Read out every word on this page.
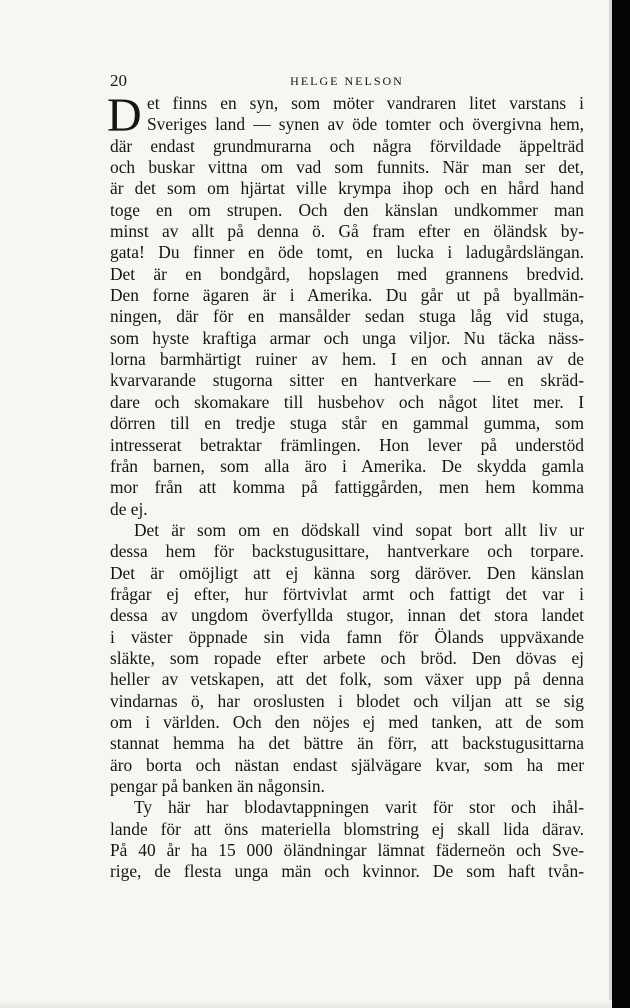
20	HELGE NELSON
D et finns en syn, som möter vandraren litet varstans i
Sveriges land — synen av öde tomter och övergivna hem,
där endast grundmurarna och några förvildade äppelträd
och buskar vittna om vad som funnits. När man ser det,
är det som om hjärtat ville krympa ihop och en hård hand
toge en om strupen. Och den känslan undkommer man
minst av allt på denna ö. Gå fram efter en öländsk by-
gata! Du finner en öde tomt, en lucka i ladugårdslängan.
Det är en bondgård, hopslagen med grannens bredvid.
Den forne ägaren är i Amerika. Du går ut på byallmän-
ningen, där för en mansålder sedan stuga låg vid stuga,
som hyste kraftiga armar och unga viljor. Nu täcka näss-
lorna barmhärtigt ruiner av hem. I en och annan av de
kvarvarande stugorna sitter en hantverkare — en skräd-
dare och skomakare till husbehov och något litet mer. I
dörren till en tredje stuga står en gammal gumma, som
intresserat betraktar främlingen. Hon lever på understöd
från barnen, som alla äro i Amerika. De skydda gamla
mor från att komma på fattiggården, men hem komma
de ej.
Det är som om en dödskall vind sopat bort allt liv ur
dessa hem för backstugusittare, hantverkare och torpare.
Det är omöjligt att ej känna sorg däröver. Den känslan
frågar ej efter, hur förtvivlat armt och fattigt det var i
dessa av ungdom överfyllda stugor, innan det stora landet
i väster öppnade sin vida famn för Ölands uppväxande
släkte, som ropade efter arbete och bröd. Den dövas ej
heller av vetskapen, att det folk, som växer upp på denna
vindarnas ö, har oroslusten i blodet och viljan att se sig
om i världen. Och den nöjes ej med tanken, att de som
stannat hemma ha det bättre än förr, att backstugusittarna
äro borta och nästan endast självägare kvar, som ha mer
pengar på banken än någonsin.
Ty här har blodavtappningen varit för stor och ihål-
lande för att öns materiella blomstring ej skall lida därav.
På 40 år ha 15 000 öländningar lämnat fäderneön och Sve-
rige, de flesta unga män och kvinnor. De som haft tvån-
